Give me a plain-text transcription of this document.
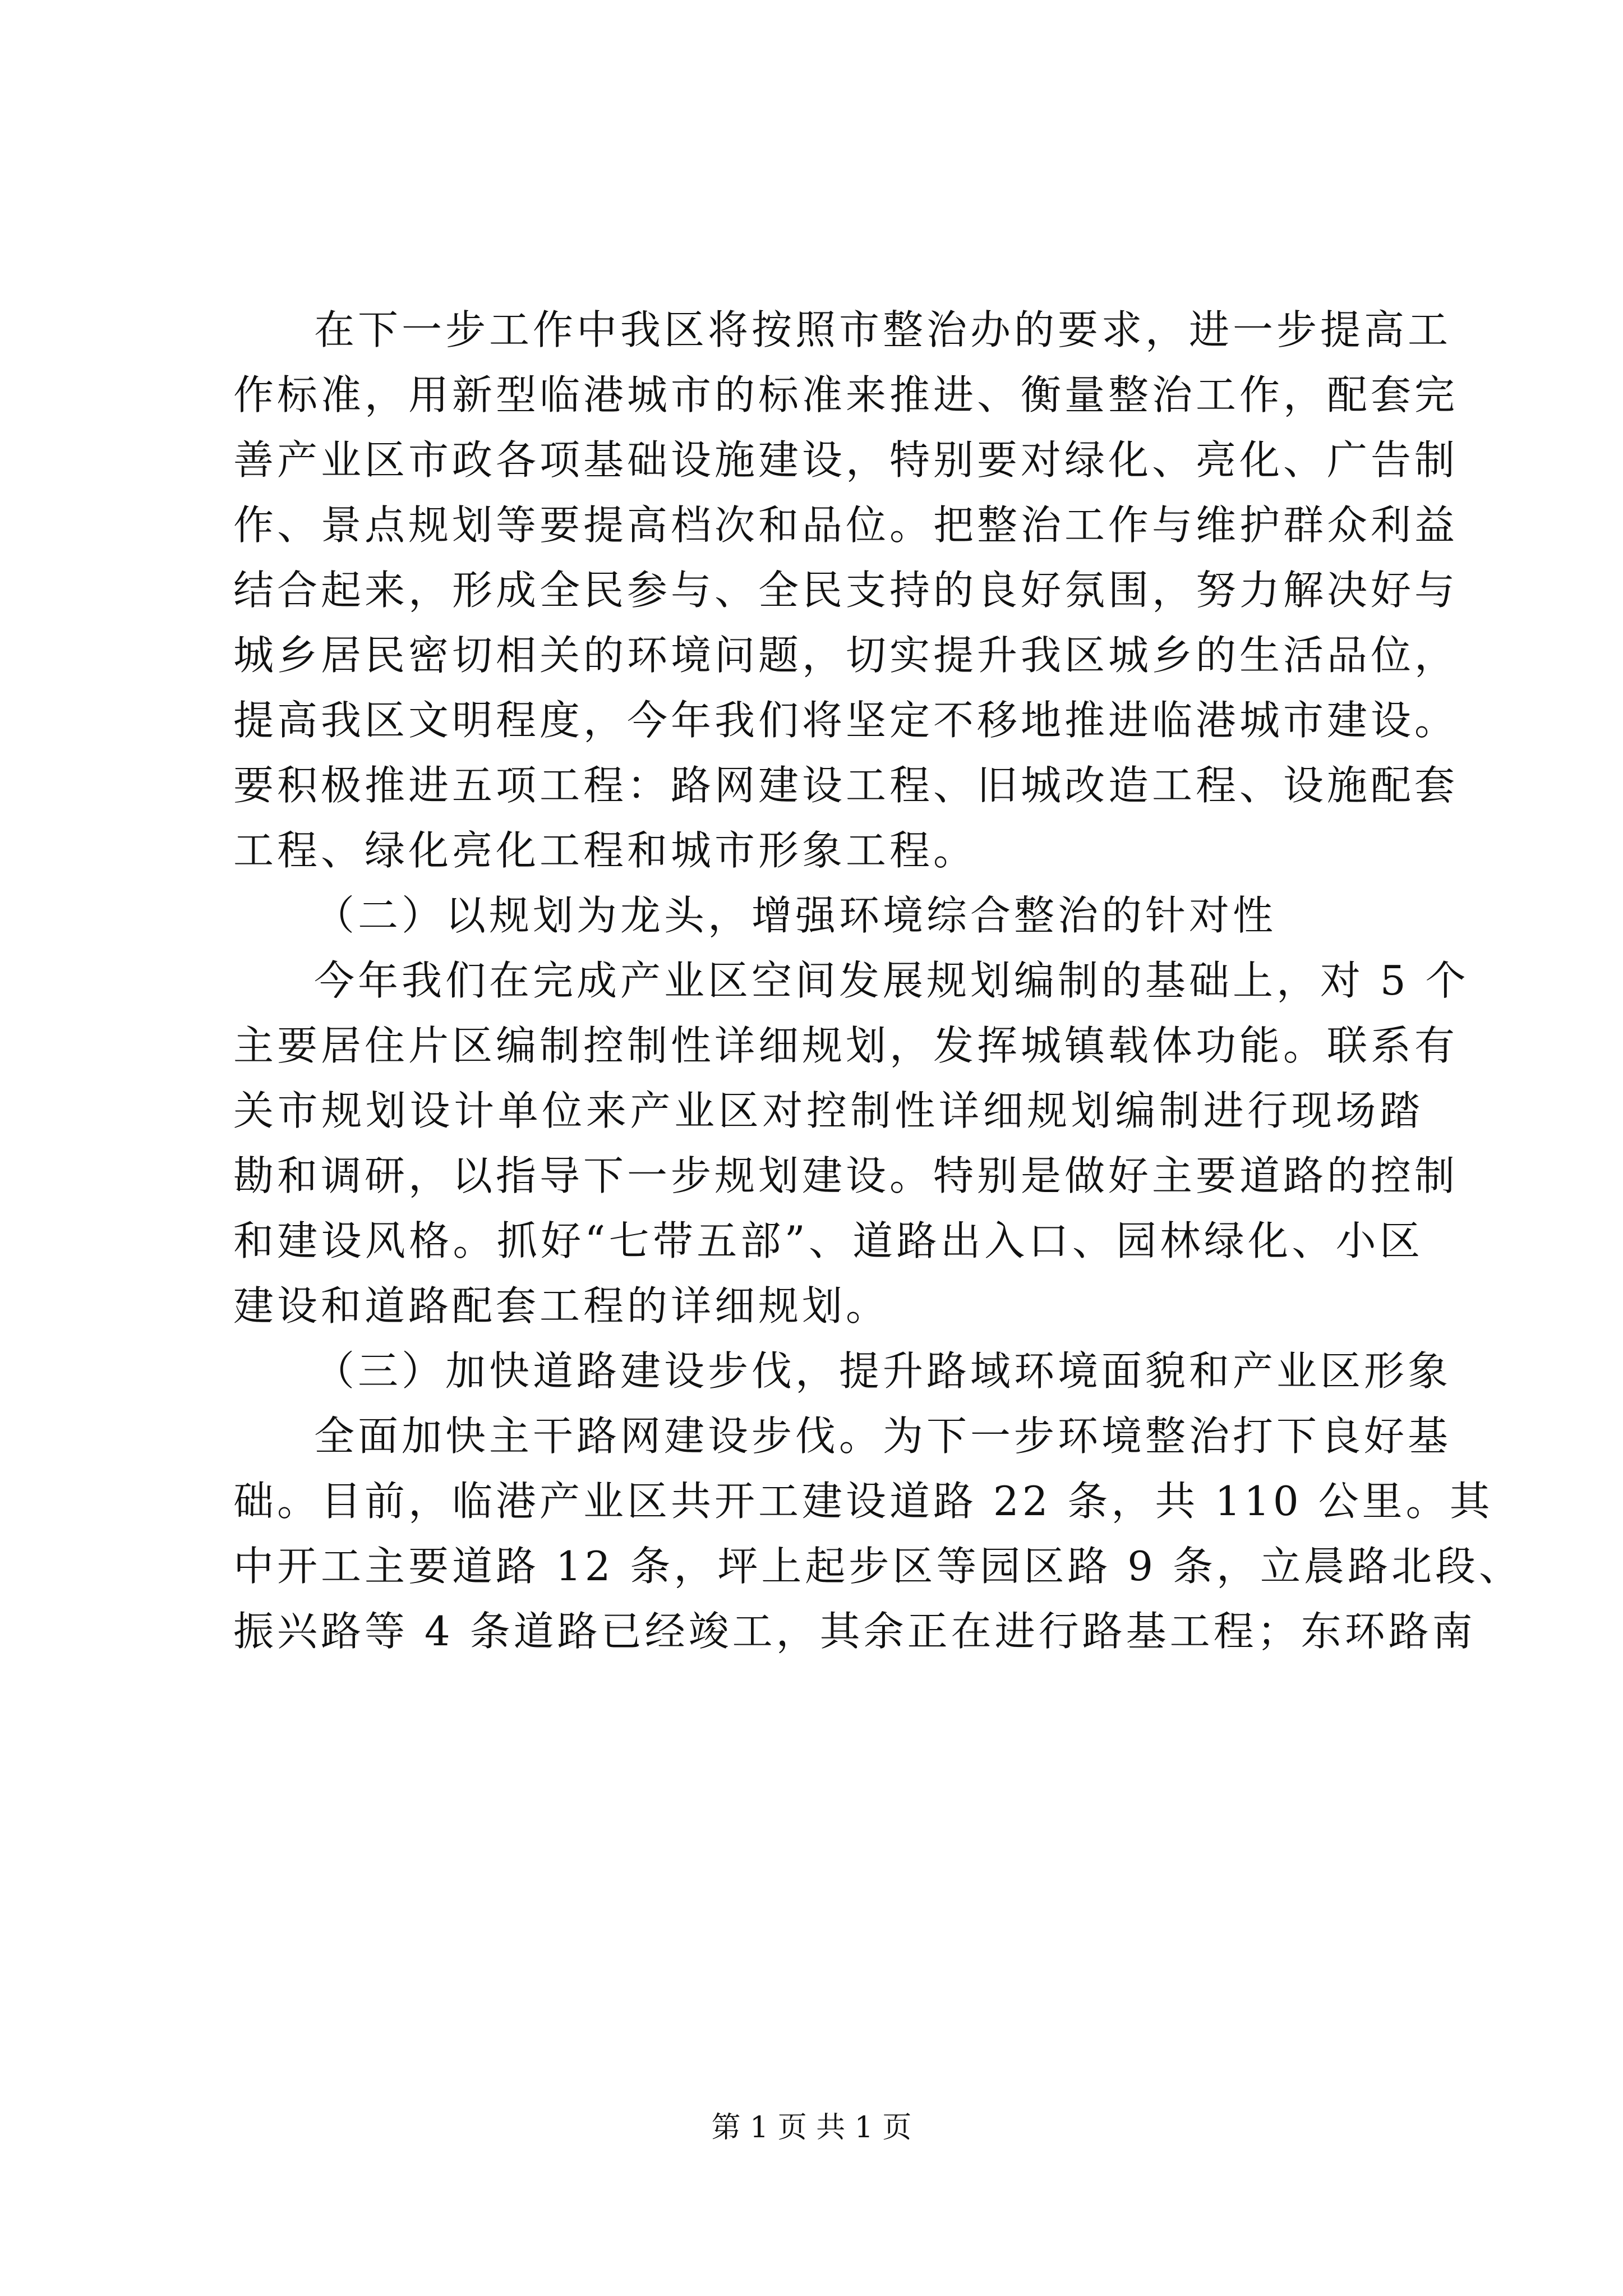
在下一步工作中我区将按照市整治办的要求，进一步提高工
作标准，用新型临港城市的标准来推进、衡量整治工作，配套完
善产业区市政各项基础设施建设，特别要对绿化、亮化、广告制
作、景点规划等要提高档次和品位。把整治工作与维护群众利益
结合起来，形成全民参与、全民支持的良好氛围，努力解决好与
城乡居民密切相关的环境问题，切实提升我区城乡的生活品位，
提高我区文明程度，今年我们将坚定不移地推进临港城市建设。
要积极推进五项工程：路网建设工程、旧城改造工程、设施配套
工程、绿化亮化工程和城市形象工程。
（二）以规划为龙头，增强环境综合整治的针对性
今年我们在完成产业区空间发展规划编制的基础上，对 5 个
主要居住片区编制控制性详细规划，发挥城镇载体功能。联系有
关市规划设计单位来产业区对控制性详细规划编制进行现场踏
勘和调研，以指导下一步规划建设。特别是做好主要道路的控制
和建设风格。抓好“七带五部”、道路出入口、园林绿化、小区
建设和道路配套工程的详细规划。
（三）加快道路建设步伐，提升路域环境面貌和产业区形象
全面加快主干路网建设步伐。为下一步环境整治打下良好基
础。目前，临港产业区共开工建设道路 22 条，共 110 公里。其
中开工主要道路 12 条，坪上起步区等园区路 9 条，立晨路北段、
振兴路等 4 条道路已经竣工，其余正在进行路基工程；东环路南
第 1 页 共 1 页
